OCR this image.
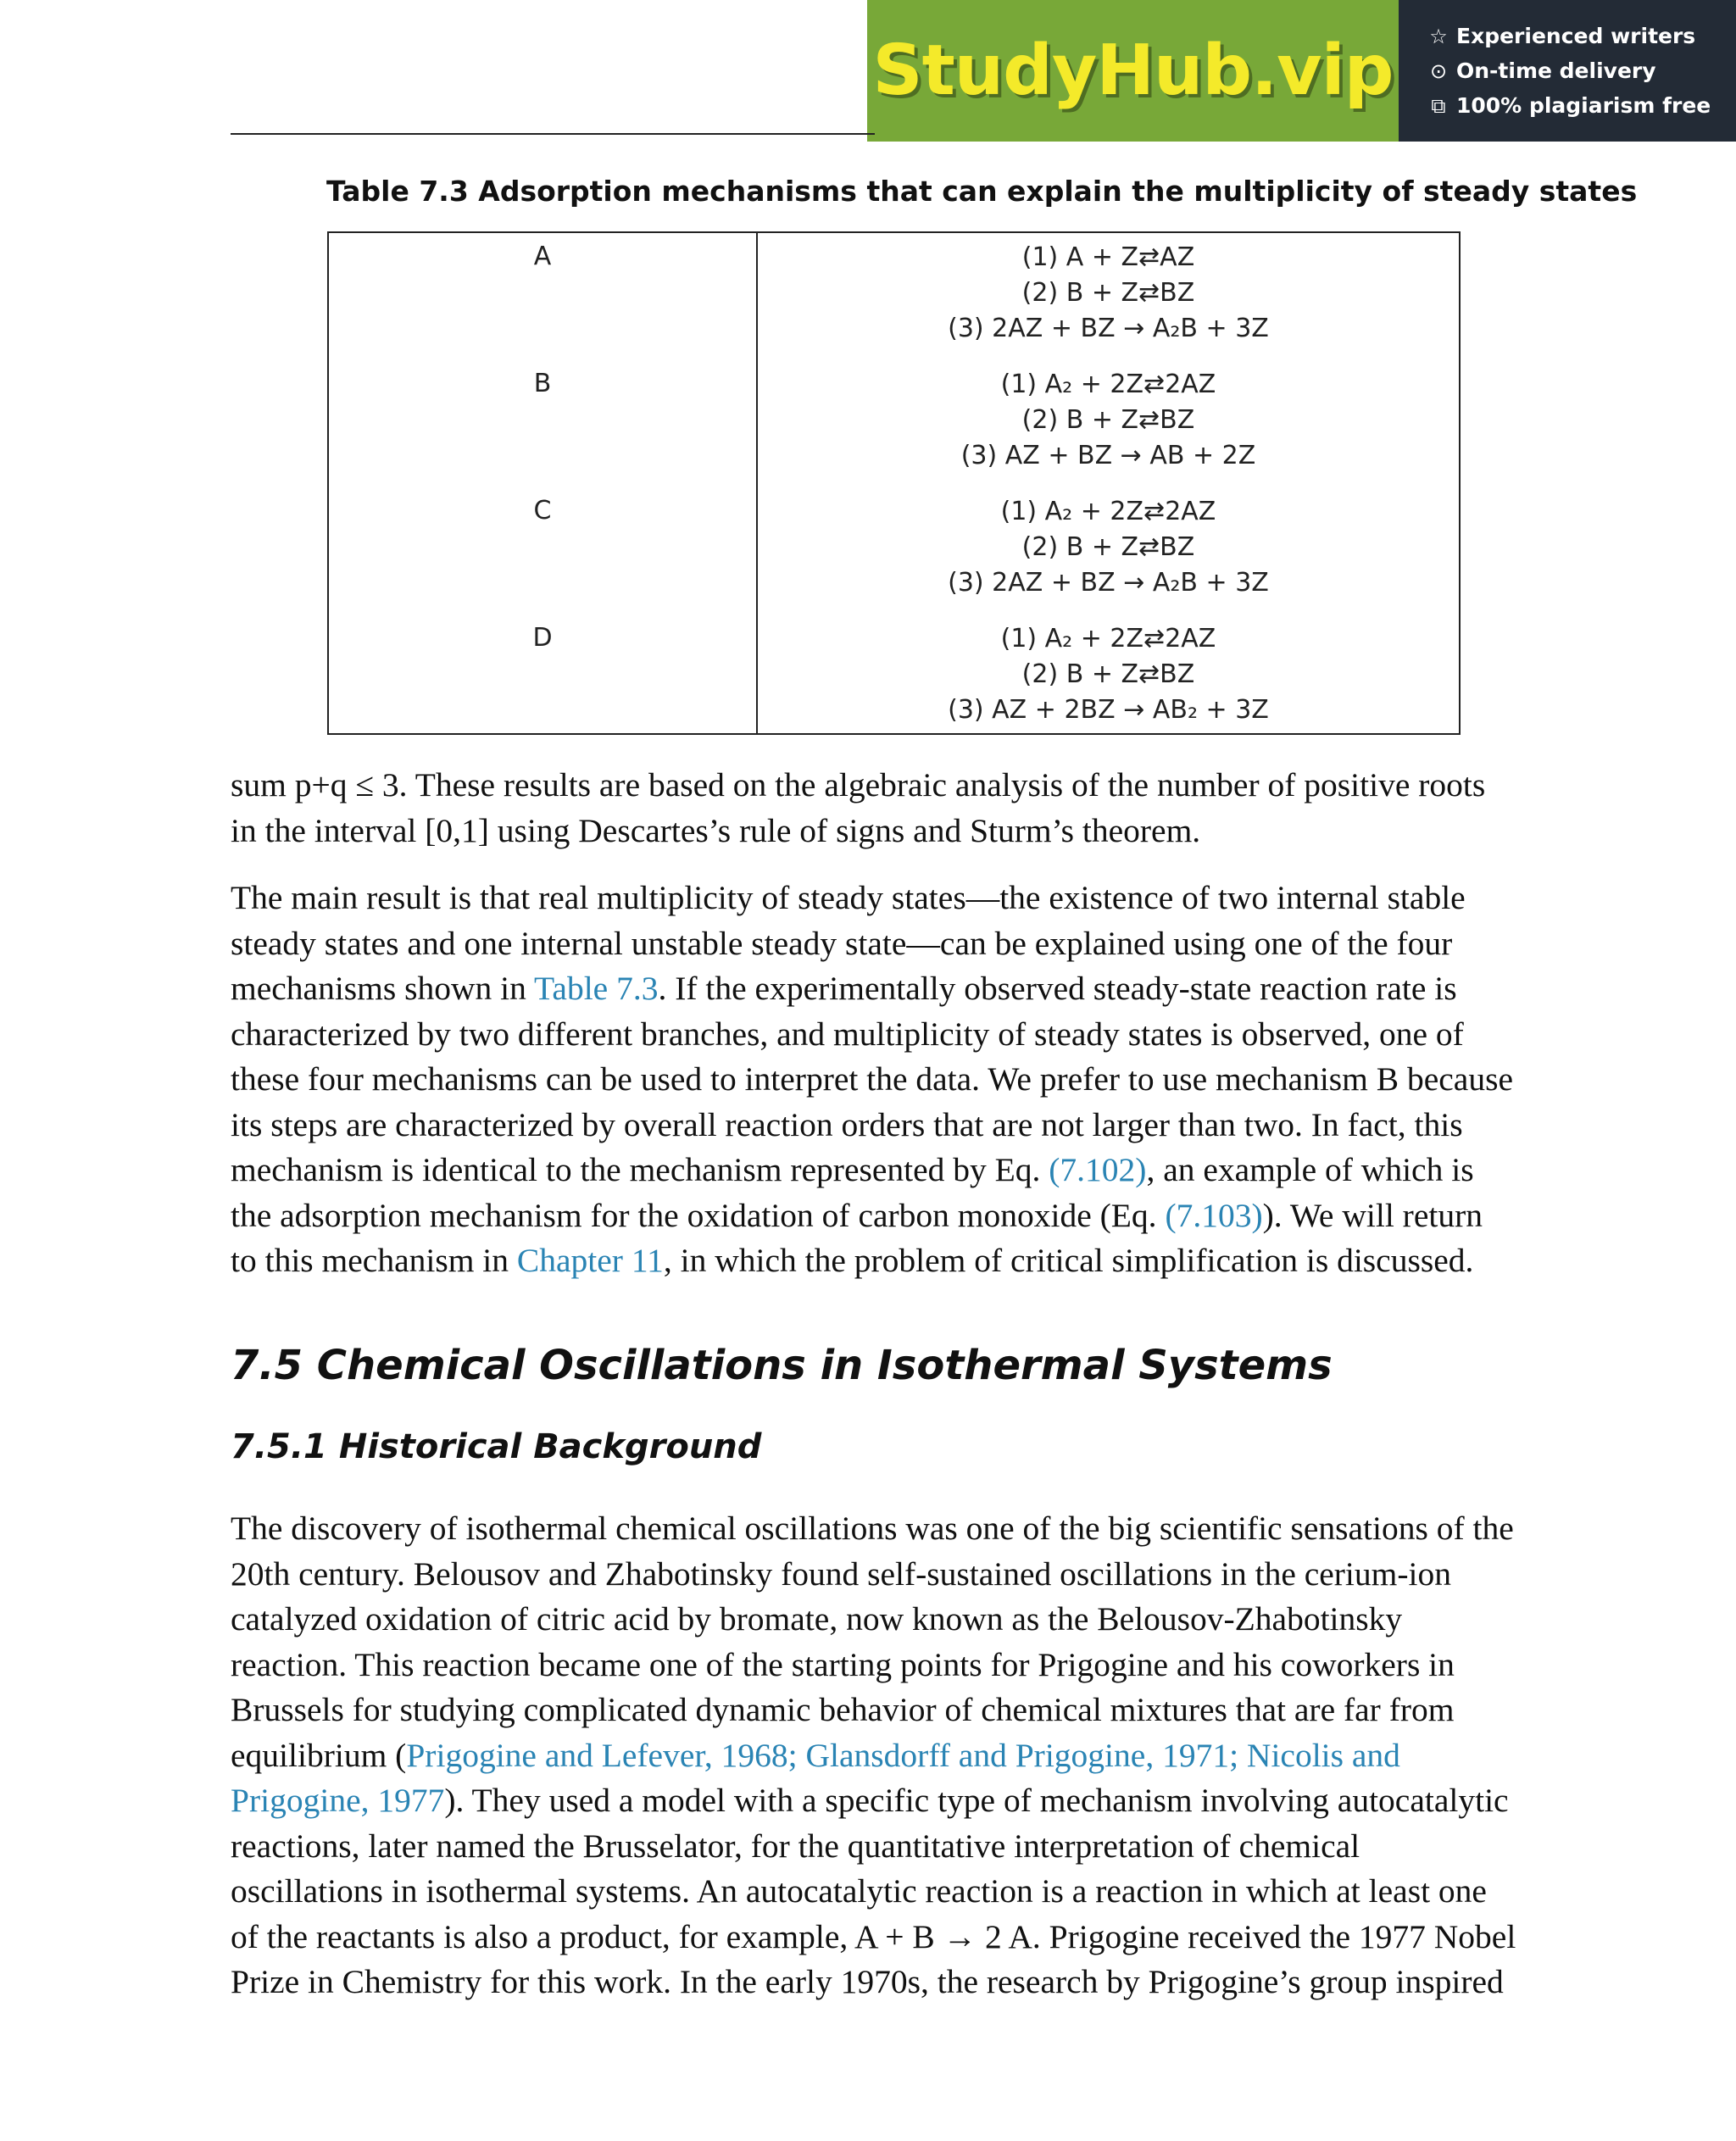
StudyHub.vip ☆ Experienced writers
⊙ On-time delivery
⧉ 100% plagiarism free
Table 7.3 Adsorption mechanisms that can explain the multiplicity of steady states
A	(1) A + Z⇄AZ
(2) B + Z⇄BZ
(3) 2AZ + BZ → A₂B + 3Z

B	(1) A₂ + 2Z⇄2AZ
(2) B + Z⇄BZ
(3) AZ + BZ → AB + 2Z

C	(1) A₂ + 2Z⇄2AZ
(2) B + Z⇄BZ
(3) 2AZ + BZ → A₂B + 3Z

D	(1) A₂ + 2Z⇄2AZ
(2) B + Z⇄BZ
(3) AZ + 2BZ → AB₂ + 3Z

sum p+q ≤ 3. These results are based on the algebraic analysis of the number of positive roots
in the interval [0,1] using Descartes’s rule of signs and Sturm’s theorem.

The main result is that real multiplicity of steady states—the existence of two internal stable
steady states and one internal unstable steady state—can be explained using one of the four
mechanisms shown in Table 7.3. If the experimentally observed steady-state reaction rate is
characterized by two different branches, and multiplicity of steady states is observed, one of
these four mechanisms can be used to interpret the data. We prefer to use mechanism B because
its steps are characterized by overall reaction orders that are not larger than two. In fact, this
mechanism is identical to the mechanism represented by Eq. (7.102), an example of which is
the adsorption mechanism for the oxidation of carbon monoxide (Eq. (7.103)). We will return
to this mechanism in Chapter 11, in which the problem of critical simplification is discussed.

7.5 Chemical Oscillations in Isothermal Systems
7.5.1 Historical Background

The discovery of isothermal chemical oscillations was one of the big scientific sensations of the
20th century. Belousov and Zhabotinsky found self-sustained oscillations in the cerium-ion
catalyzed oxidation of citric acid by bromate, now known as the Belousov-Zhabotinsky
reaction. This reaction became one of the starting points for Prigogine and his coworkers in
Brussels for studying complicated dynamic behavior of chemical mixtures that are far from
equilibrium (Prigogine and Lefever, 1968; Glansdorff and Prigogine, 1971; Nicolis and
Prigogine, 1977). They used a model with a specific type of mechanism involving autocatalytic
reactions, later named the Brusselator, for the quantitative interpretation of chemical
oscillations in isothermal systems. An autocatalytic reaction is a reaction in which at least one
of the reactants is also a product, for example, A + B → 2 A. Prigogine received the 1977 Nobel
Prize in Chemistry for this work. In the early 1970s, the research by Prigogine’s group inspired
